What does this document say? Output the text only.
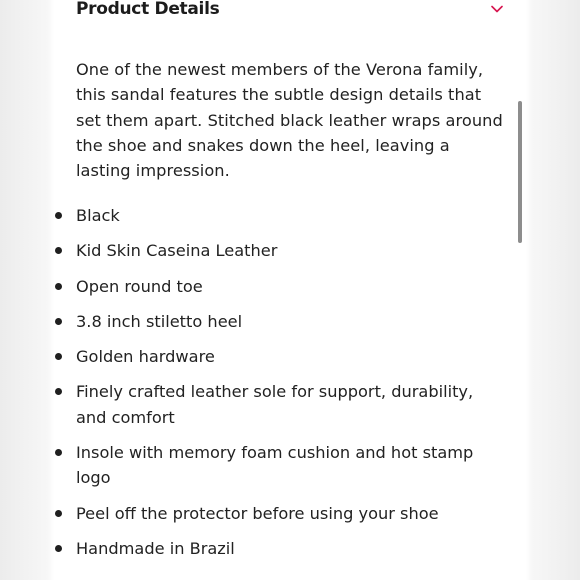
Product Details

One of the newest members of the Verona family, this sandal features the subtle design details that set them apart. Stitched black leather wraps around the shoe and snakes down the heel, leaving a lasting impression.

Black
Kid Skin Caseina Leather
Open round toe
3.8 inch stiletto heel
Golden hardware
Finely crafted leather sole for support, durability, and comfort
Insole with memory foam cushion and hot stamp logo
Peel off the protector before using your shoe
Handmade in Brazil
